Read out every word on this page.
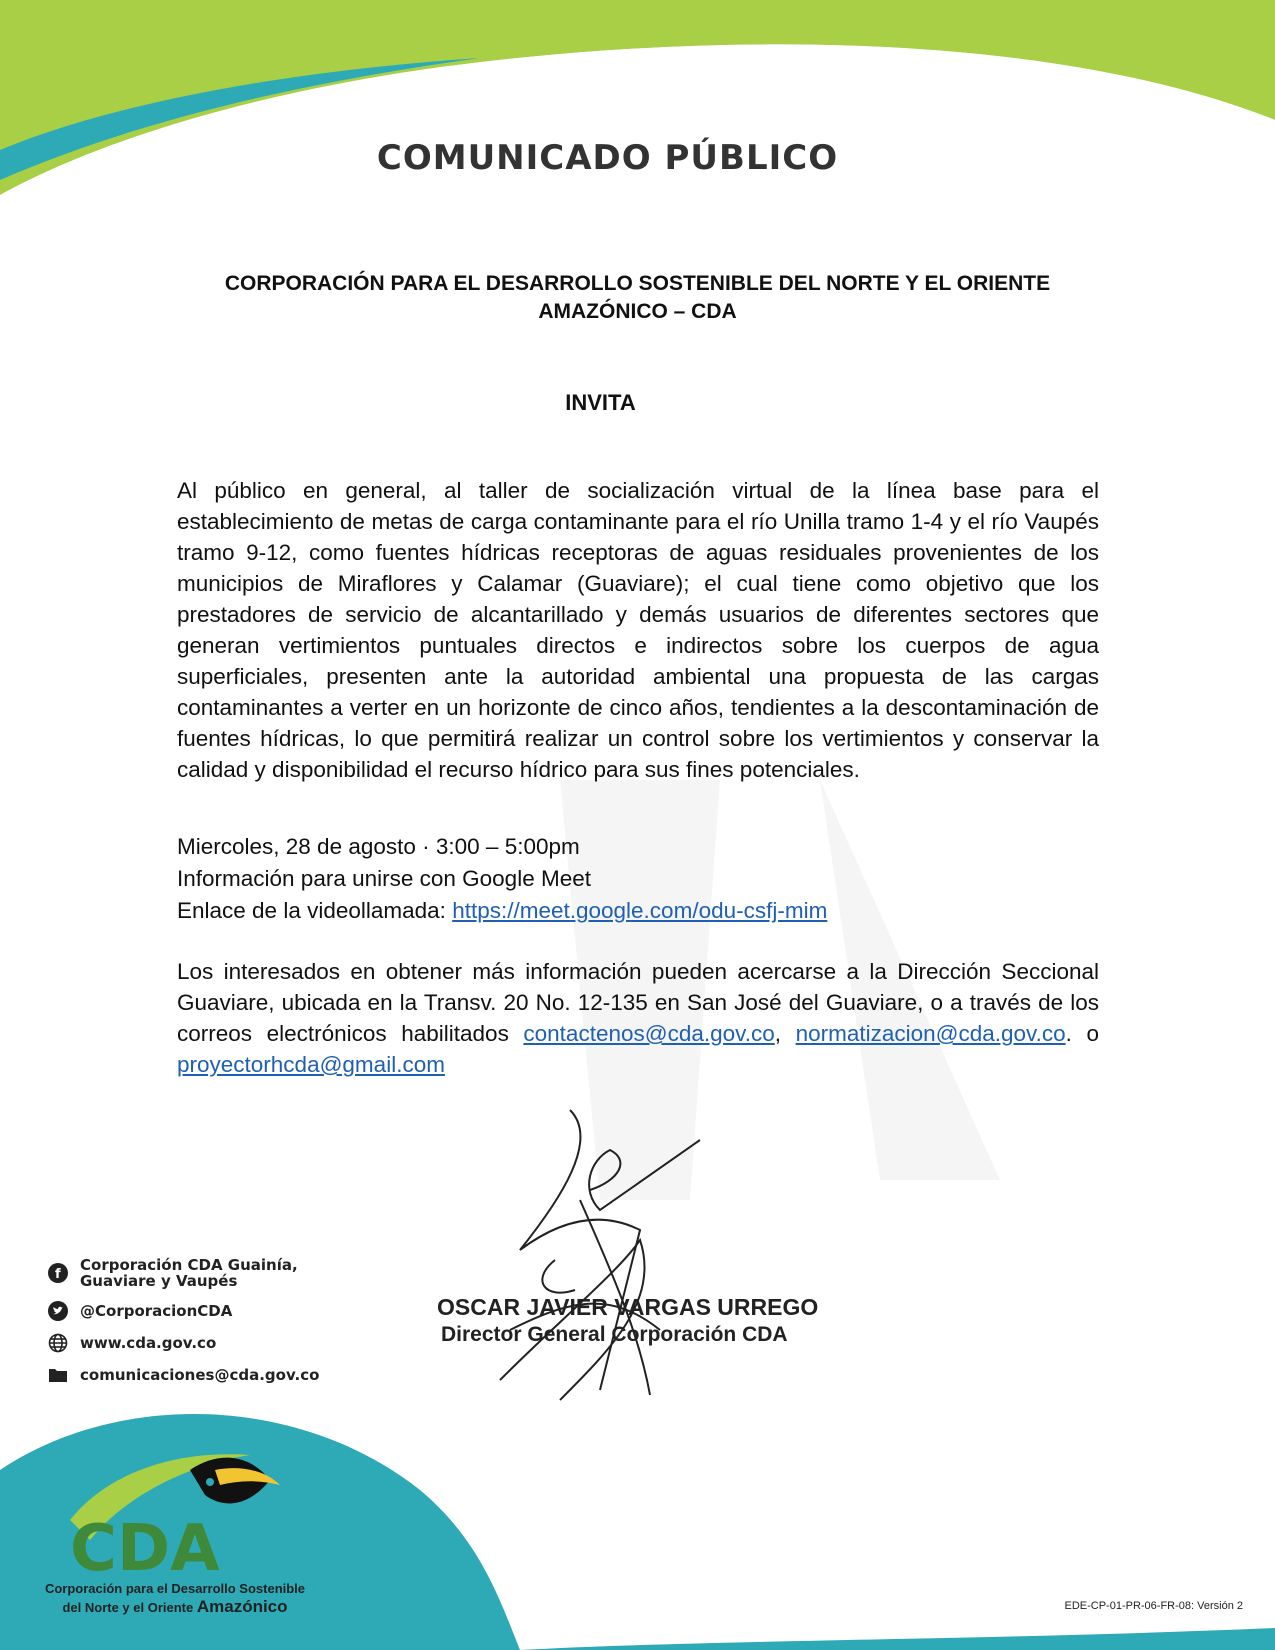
CDA
COMUNICADO PÚBLICO
CORPORACIÓN PARA EL DESARROLLO SOSTENIBLE DEL NORTE Y EL ORIENTE
AMAZÓNICO – CDA
INVITA
Al público en general, al taller de socialización virtual de la línea base para el establecimiento de metas de carga contaminante para el río Unilla tramo 1-4 y el río Vaupés tramo 9-12, como fuentes hídricas receptoras de aguas residuales provenientes de los municipios de Miraflores y Calamar (Guaviare); el cual tiene como objetivo que los prestadores de servicio de alcantarillado y demás usuarios de diferentes sectores que generan vertimientos puntuales directos e indirectos sobre los cuerpos de agua superficiales, presenten ante la autoridad ambiental una propuesta de las cargas contaminantes a verter en un horizonte de cinco años, tendientes a la descontaminación de fuentes hídricas, lo que permitirá realizar un control sobre los vertimientos y conservar la calidad y disponibilidad el recurso hídrico para sus fines potenciales.
Miercoles, 28 de agosto · 3:00 – 5:00pm
Información para unirse con Google Meet
Enlace de la videollamada: https://meet.google.com/odu-csfj-mim
Los interesados en obtener más información pueden acercarse a la Dirección Seccional Guaviare, ubicada en la Transv. 20 No. 12-135 en San José del Guaviare, o a través de los correos electrónicos habilitados contactenos@cda.gov.co, normatizacion@cda.gov.co. o proyectorhcda@gmail.com
OSCAR JAVIER VARGAS URREGO
Director General Corporación CDA
f
Corporación CDA Guainía,
Guaviare y Vaupés
@CorporacionCDA
www.cda.gov.co
comunicaciones@cda.gov.co
Corporación para el Desarrollo Sostenible
del Norte y el Oriente Amazónico	EDE-CP-01-PR-06-FR-08: Versión 2
